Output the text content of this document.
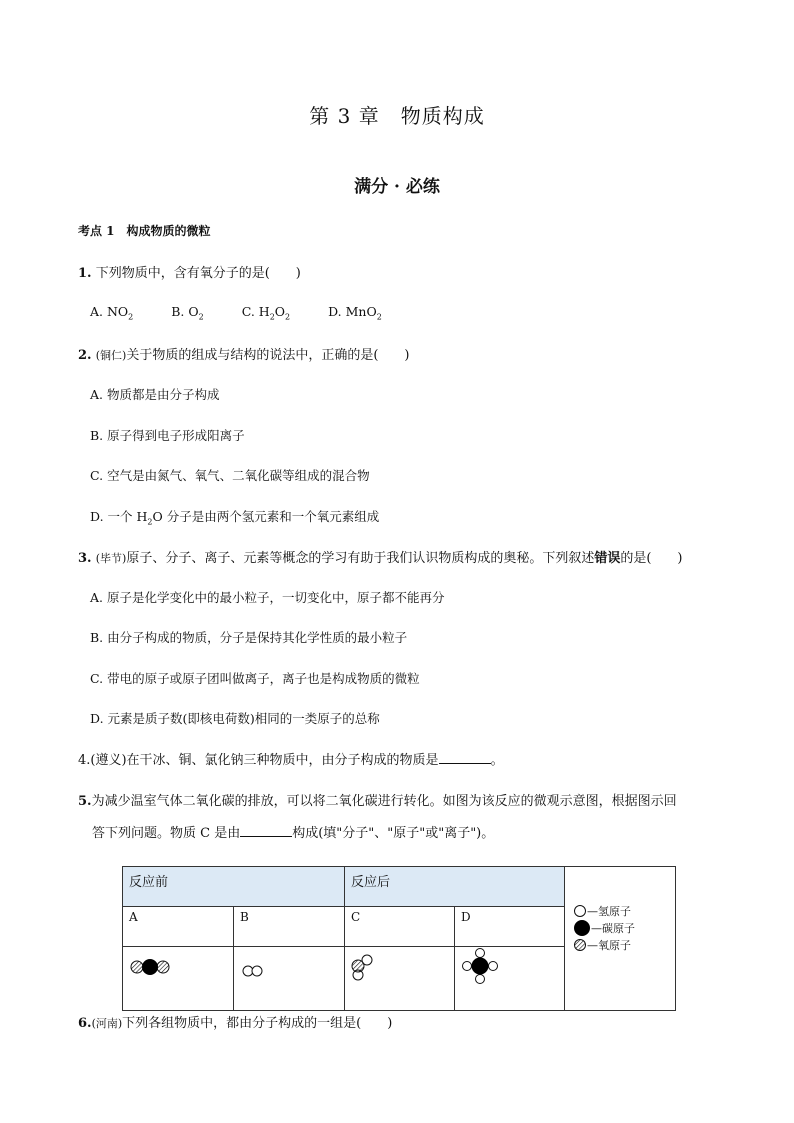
第 3 章　物质构成
满分 · 必练
考点 1　构成物质的微粒
1. 下列物质中，含有氧分子的是(　　)
A. $NO_2$	B. $O_2$	C. $H_2O_2$	D. MnO$_2$
2. (铜仁)关于物质的组成与结构的说法中，正确的是(　　)
A. 物质都是由分子构成
B. 原子得到电子形成阳离子
C. 空气是由氮气、氧气、二氧化碳等组成的混合物
D. 一个 $H_2O$ 分子是由两个氢元素和一个氧元素组成
3. (毕节)原子、分子、离子、元素等概念的学习有助于我们认识物质构成的奥秘。下列叙述错误的是(　　)
A. 原子是化学变化中的最小粒子，一切变化中，原子都不能再分
B. 由分子构成的物质，分子是保持其化学性质的最小粒子
C. 带电的原子或原子团叫做离子，离子也是构成物质的微粒
D. 元素是质子数(即核电荷数)相同的一类原子的总称
4.(遵义)在干冰、铜、氯化钠三种物质中，由分子构成的物质是	。
5.为减少温室气体二氧化碳的排放，可以将二氧化碳进行转化。如图为该反应的微观示意图，根据图示回
答下列问题。物质 C 是由	构成(填"分子"、"原子"或"离子")。
反应前		反应后		—氢原子
—碳原子
—氧原子

A	B	C	D	

6.(河南)下列各组物质中，都由分子构成的一组是(　　)
